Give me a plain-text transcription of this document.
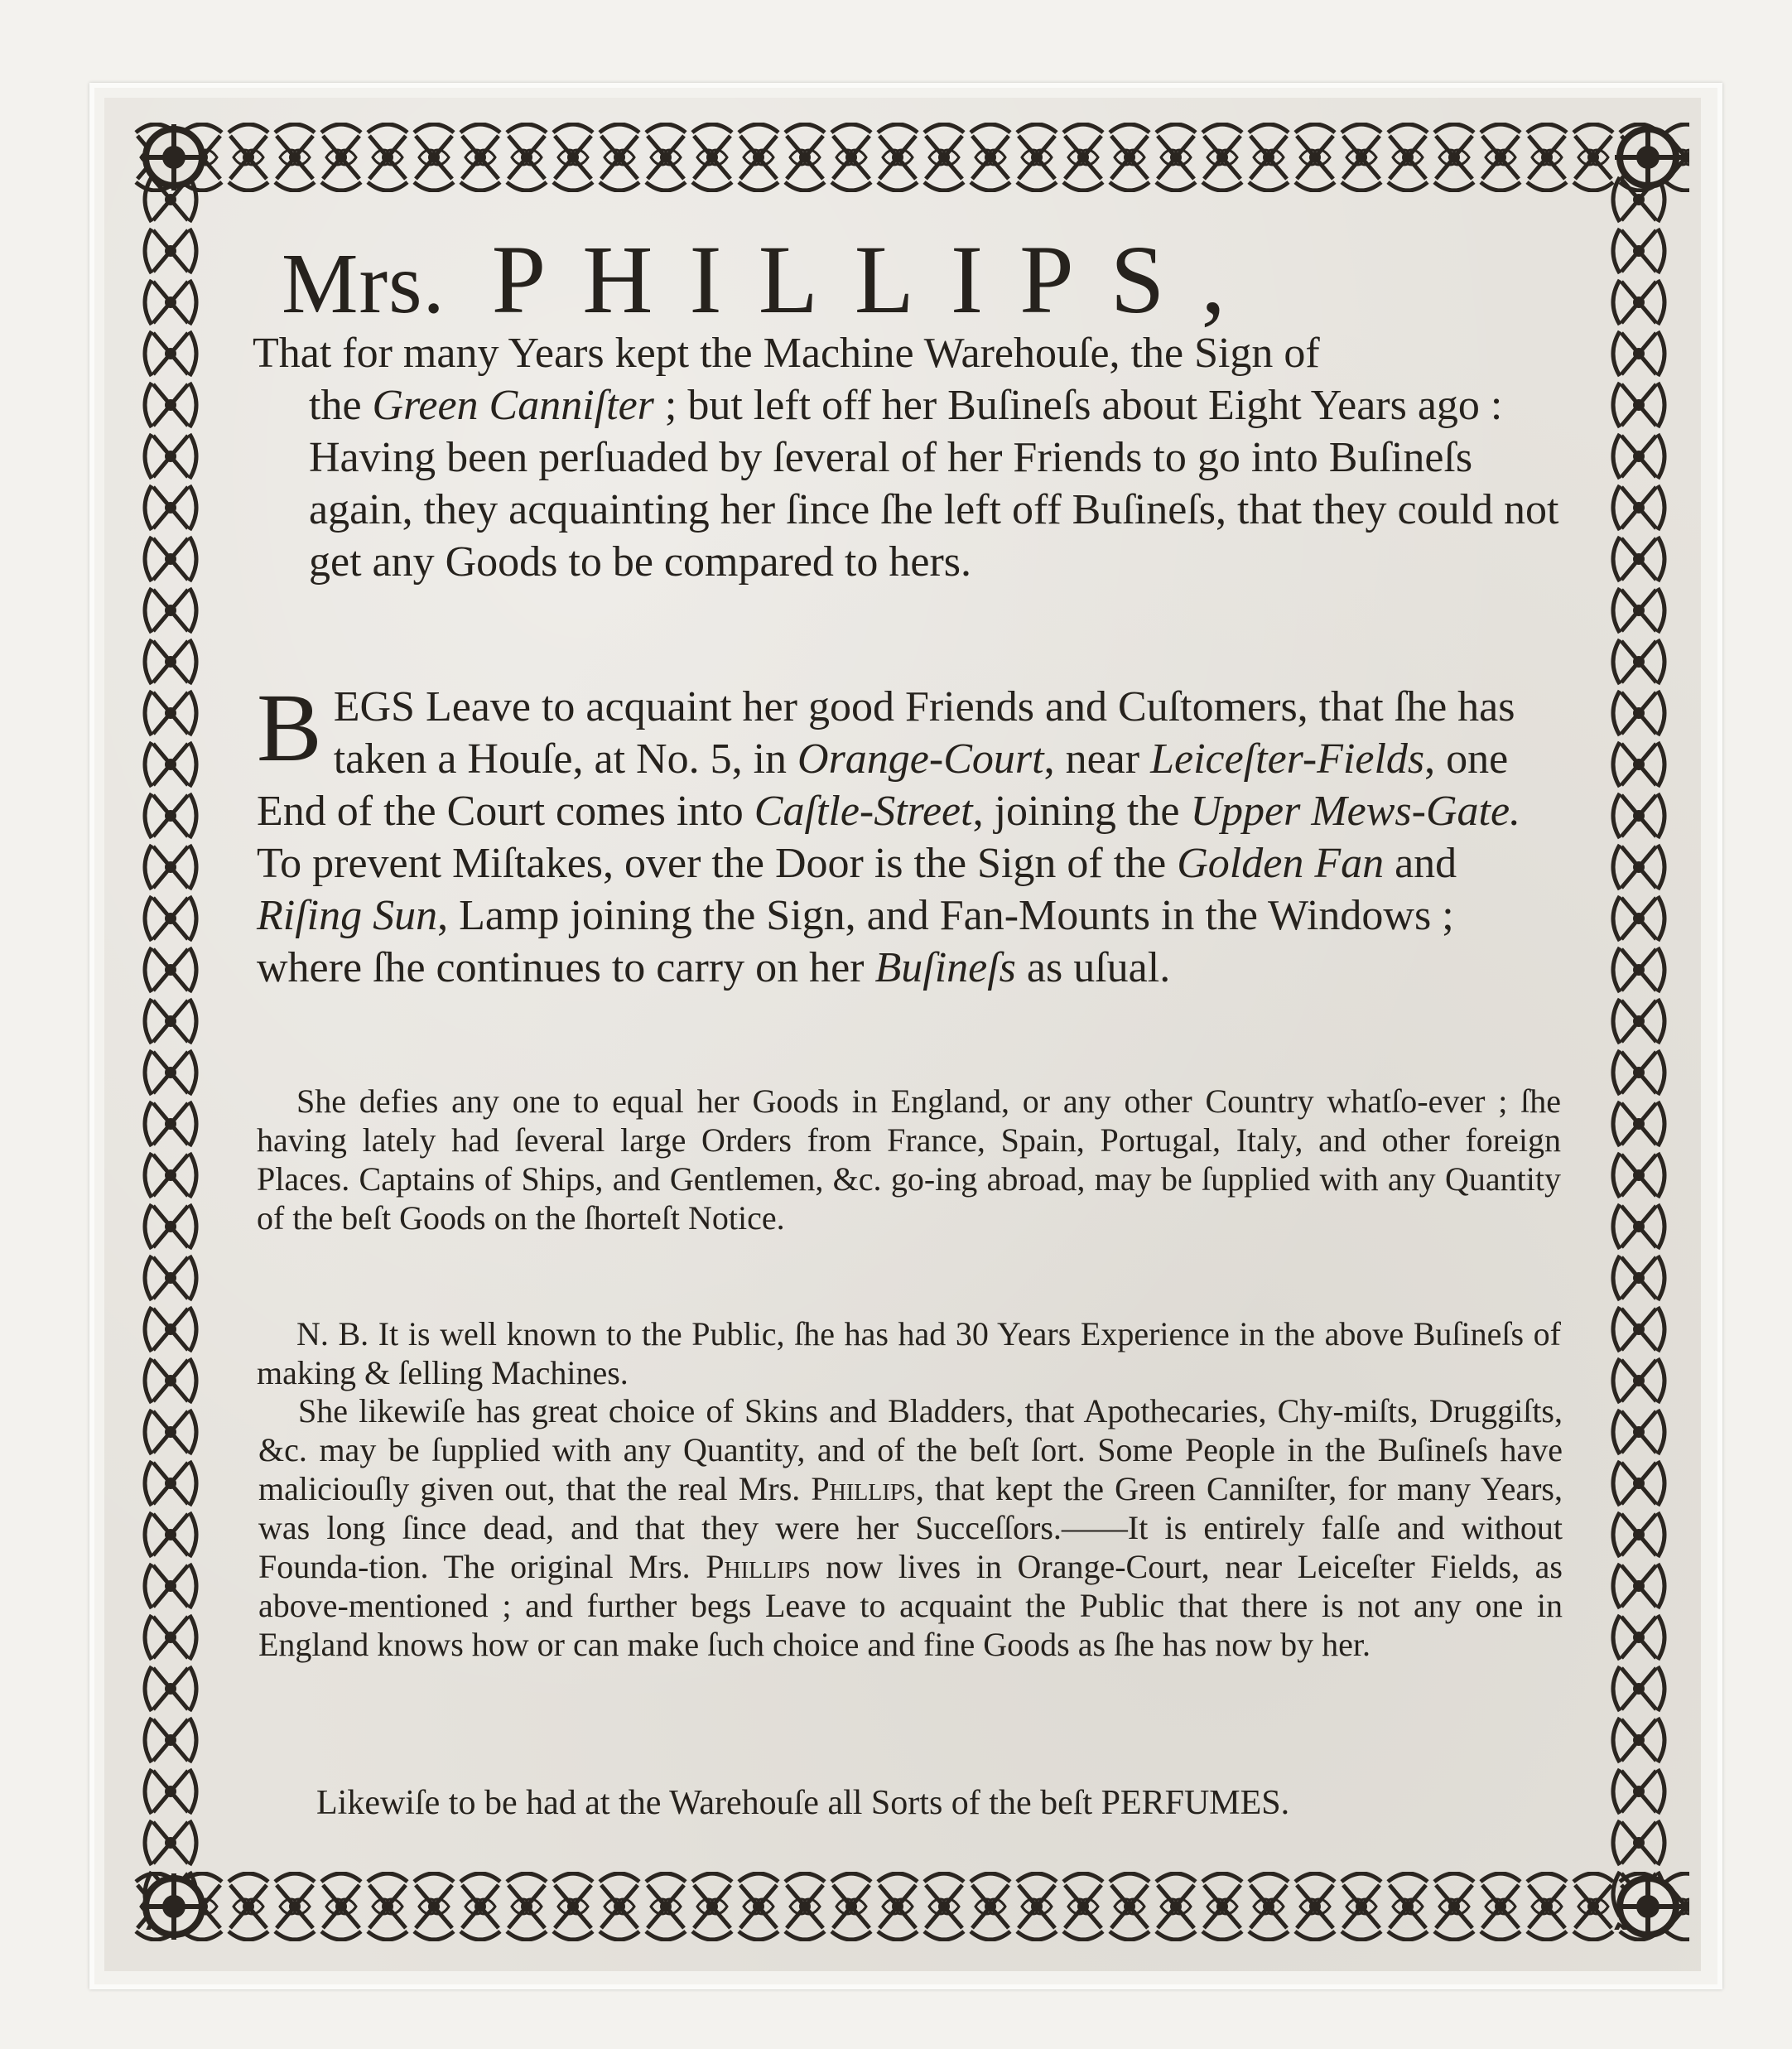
Mrs. PHILLIPS,
That for many Years kept the Machine Warehouſe, the Sign of
the Green Canniſter ; but left off her Buſineſs about Eight Years ago : Having been perſuaded by ſeveral of her Friends to go into Buſineſs again, they acquainting her ſince ſhe left off Buſineſs, that they could not get any Goods to be compared to hers.
BEGS Leave to acquaint her good Friends and Cuſtomers, that ſhe has taken a Houſe, at No. 5, in Orange-Court, near Leiceſter-Fields, one End of the Court comes into Caſtle-Street, joining the Upper Mews-Gate. To prevent Miſtakes, over the Door is the Sign of the Golden Fan and Riſing Sun, Lamp joining the Sign, and Fan-Mounts in the Windows ; where ſhe continues to carry on her Buſineſs as uſual.
She defies any one to equal her Goods in England, or any other Country whatſo-ever ; ſhe having lately had ſeveral large Orders from France, Spain, Portugal, Italy, and other foreign Places. Captains of Ships, and Gentlemen, &c. go-ing abroad, may be ſupplied with any Quantity of the beſt Goods on the ſhorteſt Notice.
N. B. It is well known to the Public, ſhe has had 30 Years Experience in the above Buſineſs of making & ſelling Machines.
She likewiſe has great choice of Skins and Bladders, that Apothecaries, Chy-miſts, Druggiſts, &c. may be ſupplied with any Quantity, and of the beſt ſort. Some People in the Buſineſs have maliciouſly given out, that the real Mrs. Phillips, that kept the Green Canniſter, for many Years, was long ſince dead, and that they were her Succeſſors.——It is entirely falſe and without Founda-tion. The original Mrs. Phillips now lives in Orange-Court, near Leiceſter Fields, as above-mentioned ; and further begs Leave to acquaint the Public that there is not any one in England knows how or can make ſuch choice and fine Goods as ſhe has now by her.
Likewiſe to be had at the Warehouſe all Sorts of the beſt PERFUMES.
